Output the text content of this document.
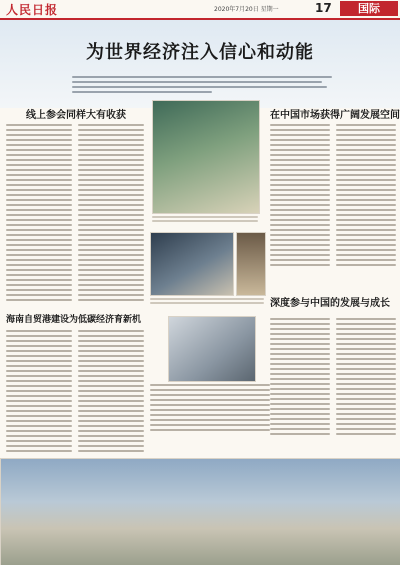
人民日报	2020年7月20日 星期一	17	国际
为世界经济注入信心和动能
线上参会同样大有收获
海南自贸港建设为低碳经济育新机
在中国市场获得广阔发展空间
深度参与中国的发展与成长
